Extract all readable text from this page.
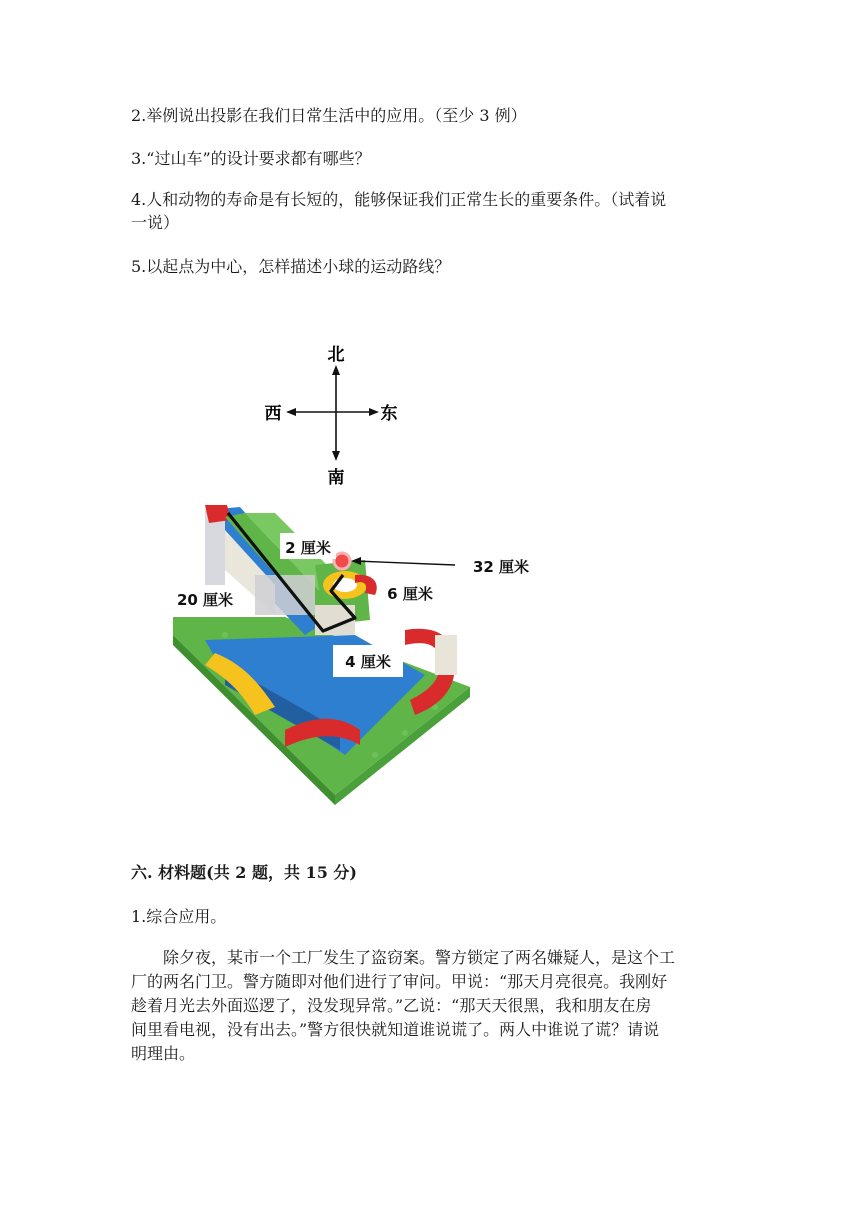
2.举例说出投影在我们日常生活中的应用。（至少 3 例）
3.“过山车”的设计要求都有哪些？
4.人和动物的寿命是有长短的，能够保证我们正常生长的重要条件。（试着说
一说）
5.以起点为中心，怎样描述小球的运动路线？
北
南
东
西
2 厘米
32 厘米
20 厘米	6 厘米
4 厘米
六. 材料题(共 2 题，共 15 分)
1.综合应用。
除夕夜，某市一个工厂发生了盗窃案。警方锁定了两名嫌疑人，是这个工
厂的两名门卫。警方随即对他们进行了审问。甲说：“那天月亮很亮。我刚好
趁着月光去外面巡逻了，没发现异常。”乙说：“那天天很黑，我和朋友在房
间里看电视，没有出去。”警方很快就知道谁说谎了。两人中谁说了谎？请说
明理由。
